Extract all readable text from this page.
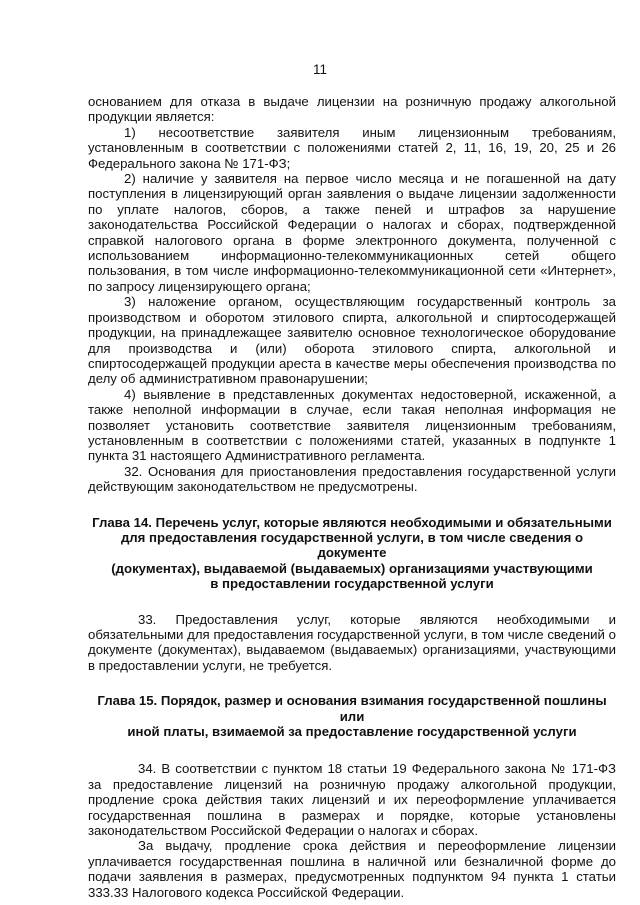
11

основанием для отказа в выдаче лицензии на розничную продажу алкогольной продукции является:

1) несоответствие заявителя иным лицензионным требованиям, установленным в соответствии с положениями статей 2, 11, 16, 19, 20, 25 и 26 Федерального закона № 171-ФЗ;

2) наличие у заявителя на первое число месяца и не погашенной на дату поступления в лицензирующий орган заявления о выдаче лицензии задолженности по уплате налогов, сборов, а также пеней и штрафов за нарушение законодательства Российской Федерации о налогах и сборах, подтвержденной справкой налогового органа в форме электронного документа, полученной с использованием информационно-телекоммуникационных сетей общего пользования, в том числе информационно-телекоммуникационной сети «Интернет», по запросу лицензирующего органа;

3) наложение органом, осуществляющим государственный контроль за производством и оборотом этилового спирта, алкогольной и спиртосодержащей продукции, на принадлежащее заявителю основное технологическое оборудование для производства и (или) оборота этилового спирта, алкогольной и спиртосодержащей продукции ареста в качестве меры обеспечения производства по делу об административном правонарушении;

4) выявление в представленных документах недостоверной, искаженной, а также неполной информации в случае, если такая неполная информация не позволяет установить соответствие заявителя лицензионным требованиям, установленным в соответствии с положениями статей, указанных в подпункте 1 пункта 31 настоящего Административного регламента.

32. Основания для приостановления предоставления государственной услуги действующим законодательством не предусмотрены.

Глава 14. Перечень услуг, которые являются необходимыми и обязательными
для предоставления государственной услуги, в том числе сведения о документе
(документах), выдаваемой (выдаваемых) организациями участвующими
в предоставлении государственной услуги

33. Предоставления услуг, которые являются необходимыми и обязательными для предоставления государственной услуги, в том числе сведений о документе (документах), выдаваемом (выдаваемых) организациями, участвующими в предоставлении услуги, не требуется.

Глава 15. Порядок, размер и основания взимания государственной пошлины или
иной платы, взимаемой за предоставление государственной услуги

34. В соответствии с пунктом 18 статьи 19 Федерального закона № 171-ФЗ за предоставление лицензий на розничную продажу алкогольной продукции, продление срока действия таких лицензий и их переоформление уплачивается государственная пошлина в размерах и порядке, которые установлены законодательством Российской Федерации о налогах и сборах.

За выдачу, продление срока действия и переоформление лицензии уплачивается государственная пошлина в наличной или безналичной форме до подачи заявления в размерах, предусмотренных подпунктом 94 пункта 1 статьи 333.33 Налогового кодекса Российской Федерации.
